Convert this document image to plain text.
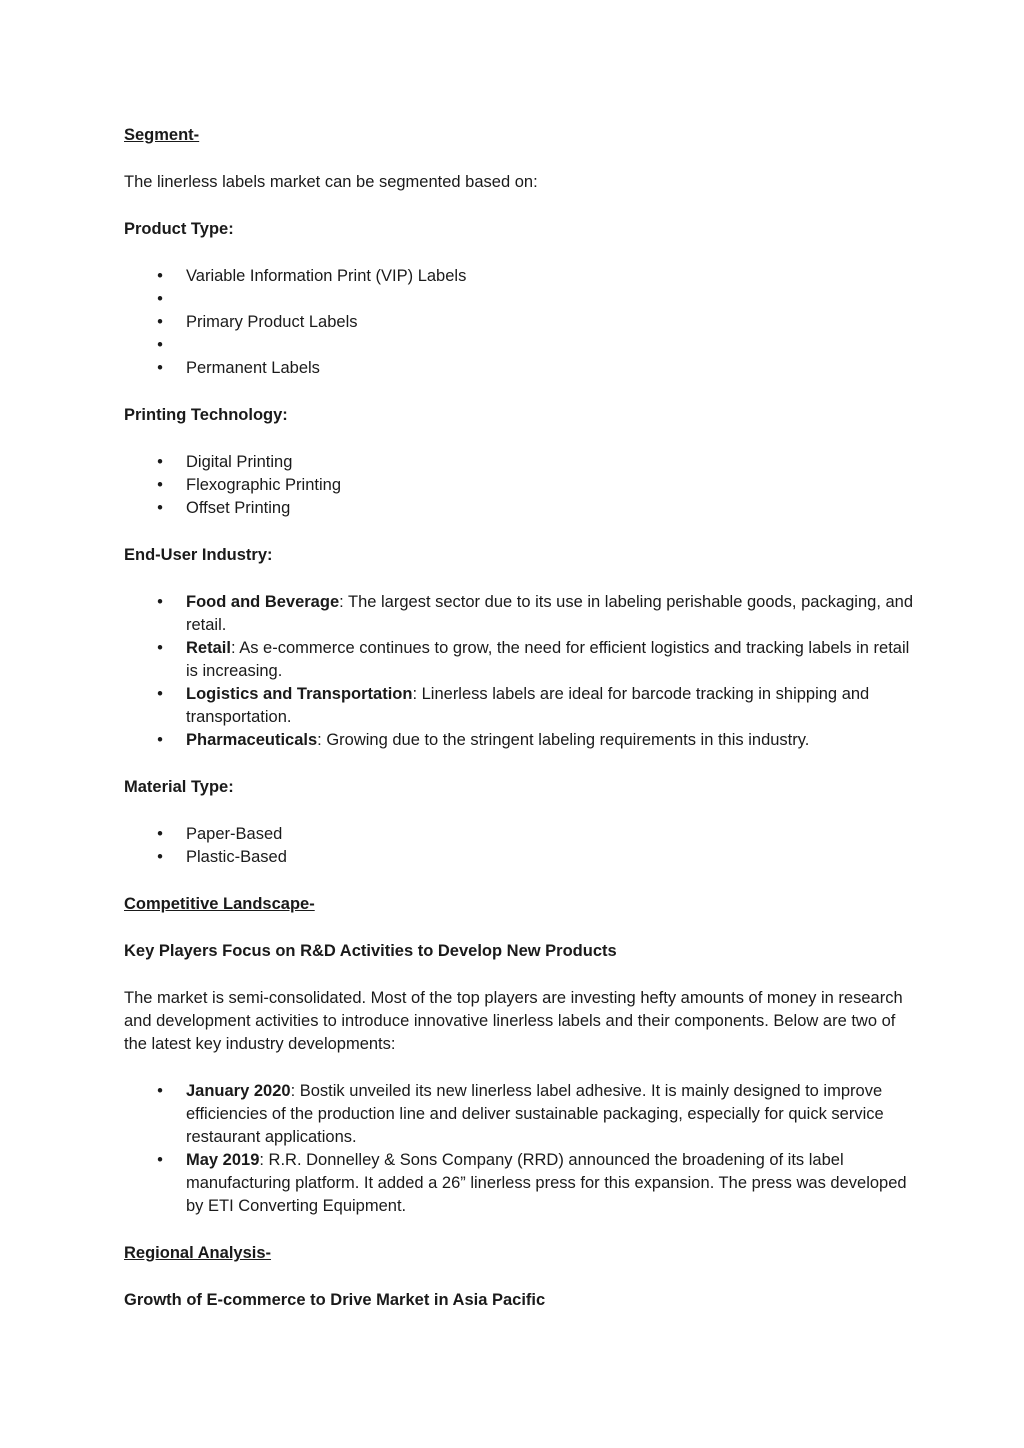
Segment-

The linerless labels market can be segmented based on:

Product Type:

• Variable Information Print (VIP) Labels
•
• Primary Product Labels
•
• Permanent Labels

Printing Technology:

• Digital Printing
• Flexographic Printing
• Offset Printing

End-User Industry:

• Food and Beverage: The largest sector due to its use in labeling perishable goods, packaging, and retail.
• Retail: As e-commerce continues to grow, the need for efficient logistics and tracking labels in retail is increasing.
• Logistics and Transportation: Linerless labels are ideal for barcode tracking in shipping and transportation.
• Pharmaceuticals: Growing due to the stringent labeling requirements in this industry.

Material Type:

• Paper-Based
• Plastic-Based

Competitive Landscape-

Key Players Focus on R&D Activities to Develop New Products

The market is semi-consolidated. Most of the top players are investing hefty amounts of money in research and development activities to introduce innovative linerless labels and their components. Below are two of the latest key industry developments:

• January 2020: Bostik unveiled its new linerless label adhesive. It is mainly designed to improve efficiencies of the production line and deliver sustainable packaging, especially for quick service restaurant applications.
• May 2019: R.R. Donnelley & Sons Company (RRD) announced the broadening of its label manufacturing platform. It added a 26” linerless press for this expansion. The press was developed by ETI Converting Equipment.

Regional Analysis-

Growth of E-commerce to Drive Market in Asia Pacific
